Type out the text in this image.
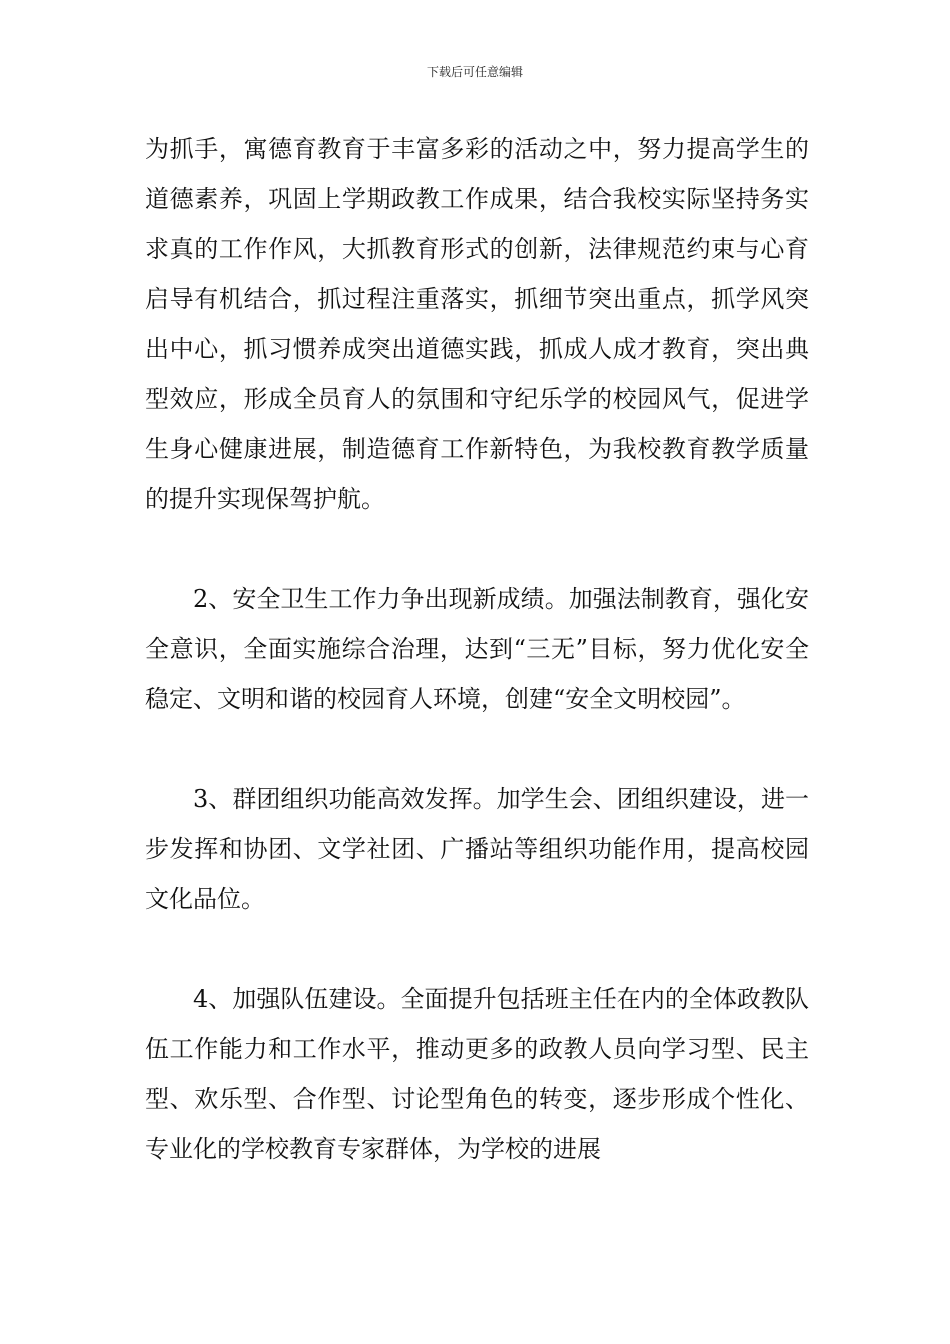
下载后可任意编辑

为抓手，寓德育教育于丰富多彩的活动之中，努力提高学生的道德素养，巩固上学期政教工作成果，结合我校实际坚持务实求真的工作作风，大抓教育形式的创新，法律规范约束与心育启导有机结合，抓过程注重落实，抓细节突出重点，抓学风突出中心，抓习惯养成突出道德实践，抓成人成才教育，突出典型效应，形成全员育人的氛围和守纪乐学的校园风气，促进学生身心健康进展，制造德育工作新特色，为我校教育教学质量的提升实现保驾护航。

2、安全卫生工作力争出现新成绩。加强法制教育，强化安全意识，全面实施综合治理，达到“三无”目标，努力优化安全稳定、文明和谐的校园育人环境，创建“安全文明校园”。

3、群团组织功能高效发挥。加学生会、团组织建设，进一步发挥和协团、文学社团、广播站等组织功能作用，提高校园文化品位。

4、加强队伍建设。全面提升包括班主任在内的全体政教队伍工作能力和工作水平，推动更多的政教人员向学习型、民主型、欢乐型、合作型、讨论型角色的转变，逐步形成个性化、专业化的学校教育专家群体，为学校的进展
